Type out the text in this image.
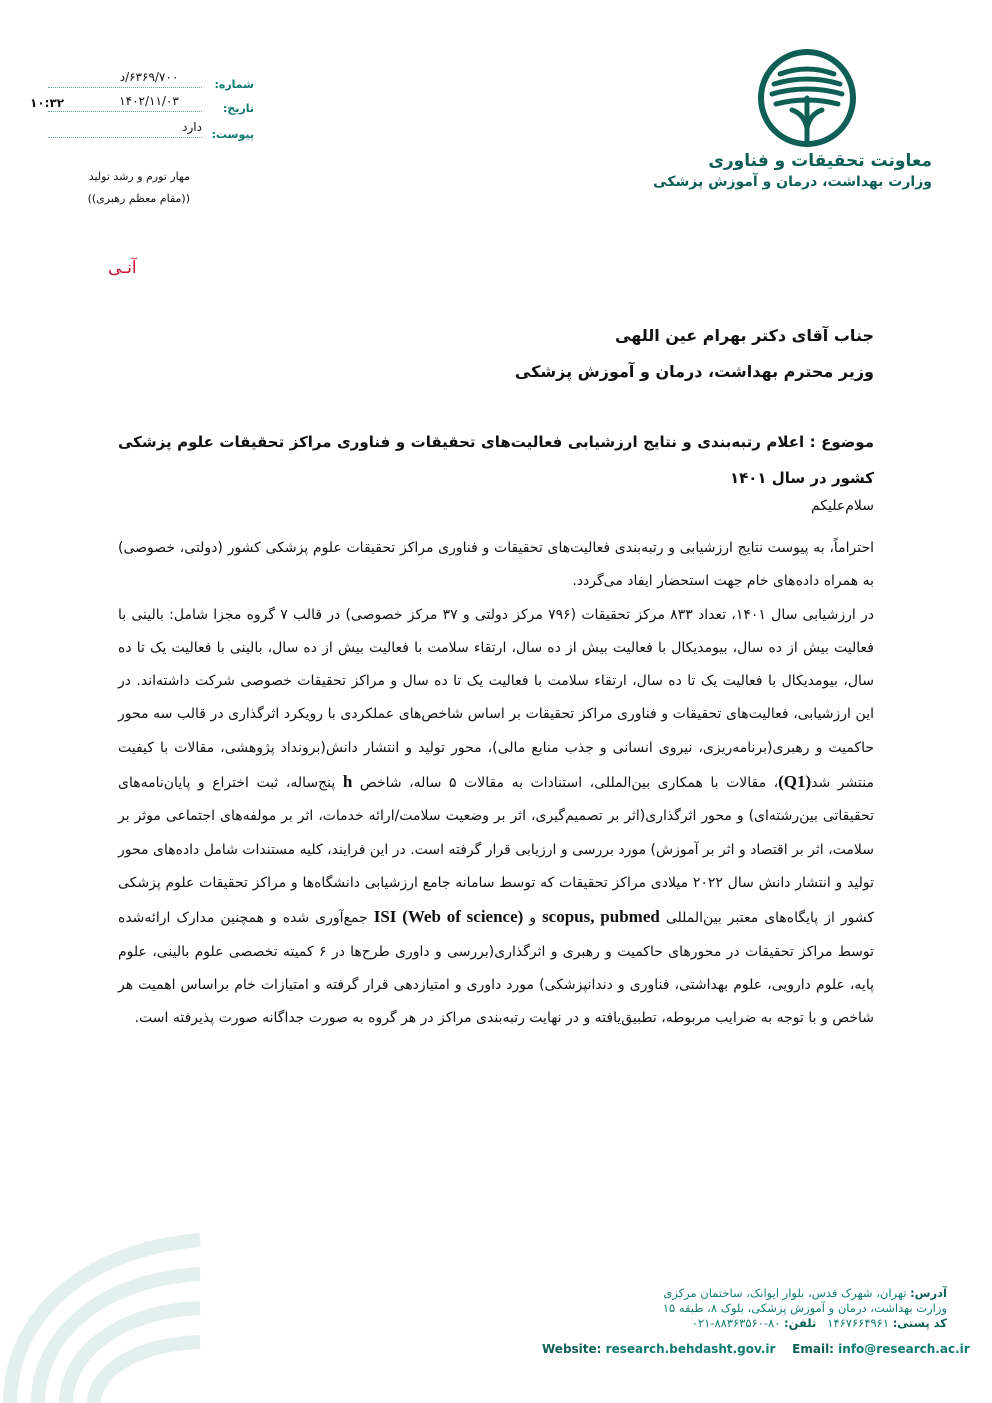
معاونت تحقیقات و فناوری
وزارت بهداشت، درمان و آموزش پزشکی
شماره:
۶۳۶۹/۷۰۰/د
تاریخ:
۱۴۰۲/۱۱/۰۳
۱۰:۳۲
پیوست:
دارد
مهار تورم و رشد تولید
((مقام معظم رهبری))
آنـی
جناب آقای دکتر بهرام عین اللهی
وزیر محترم بهداشت، درمان و آموزش پزشکی
موضوع : اعلام رتبه‌بندی و نتایج ارزشیابی فعالیت‌های تحقیقات و فناوری مراکز تحقیقات علوم پزشکی کشور در سال ۱۴۰۱
سلام‌علیکم

احتراماً، به پیوست نتایج ارزشیابی و رتبه‌بندی فعالیت‌های تحقیقات و فناوری مراکز تحقیقات علوم پزشکی کشور (دولتی، خصوصی) به همراه داده‌های خام جهت استحضار ایفاد می‌گردد.

در ارزشیابی سال ۱۴۰۱، تعداد ۸۳۳ مرکز تحقیقات (۷۹۶ مرکز دولتی و ۳۷ مرکز خصوصی) در قالب ۷ گروه مجزا شامل: بالینی با فعالیت بیش از ده سال، بیومدیکال با فعالیت بیش از ده سال، ارتقاء سلامت با فعالیت بیش از ده سال، بالینی با فعالیت یک تا ده سال، بیومدیکال با فعالیت یک تا ده سال، ارتقاء سلامت با فعالیت یک تا ده سال و مراکز تحقیقات خصوصی شرکت داشته‌اند. در این ارزشیابی، فعالیت‌های تحقیقات و فناوری مراکز تحقیقات بر اساس شاخص‌های عملکردی با رویکرد اثرگذاری در قالب سه محور حاکمیت و رهبری(برنامه‌ریزی، نیروی انسانی و جذب منابع مالی)، محور تولید و انتشار دانش(برونداد پژوهشی، مقالات با کیفیت منتشر شد(Q1)، مقالات با همکاری بین‌المللی، استنادات به مقالات ۵ ساله، شاخص h پنج‌ساله، ثبت اختراع و پایان‌نامه‌های تحقیقاتی بین‌رشته‌ای) و محور اثرگذاری(اثر بر تصمیم‌گیری، اثر بر وضعیت سلامت/ارائه خدمات، اثر بر مولفه‌های اجتماعی موثر بر سلامت، اثر بر اقتصاد و اثر بر آموزش) مورد بررسی و ارزیابی قرار گرفته است. در این فرایند، کلیه مستندات شامل داده‌های محور تولید و انتشار دانش سال ۲۰۲۲ میلادی مراکز تحقیقات که توسط سامانه جامع ارزشیابی دانشگاه‌ها و مراکز تحقیقات علوم پزشکی کشور از پایگاه‌های معتبر بین‌المللی scopus, pubmed و ISI (Web of science) جمع‌آوری شده و همچنین مدارک ارائه‌شده توسط مراکز تحقیقات در محورهای حاکمیت و رهبری و اثرگذاری(بررسی و داوری طرح‌ها در ۶ کمیته تخصصی علوم بالینی، علوم پایه، علوم دارویی، علوم بهداشتی، فناوری و دندانپزشکی) مورد داوری و امتیازدهی قرار گرفته و امتیازات خام براساس اهمیت هر شاخص و با توجه به ضرایب مربوطه، تطبیق‌یافته و در نهایت رتبه‌بندی مراکز در هر گروه به صورت جداگانه صورت پذیرفته است.

آدرس: تهران، شهرک قدس، بلوار ایوانک، ساختمان مرکزی
وزارت بهداشت، درمان و آموزش پزشکی، بلوک ۸، طبقه ۱۵
کد پستی: ۱۴۶۷۶۶۴۹۶۱   تلفن: ۰۲۱-۸۸۳۶۳۵۶۰-۸۰
Website: research.behdasht.gov.ir Email: info@research.ac.ir
